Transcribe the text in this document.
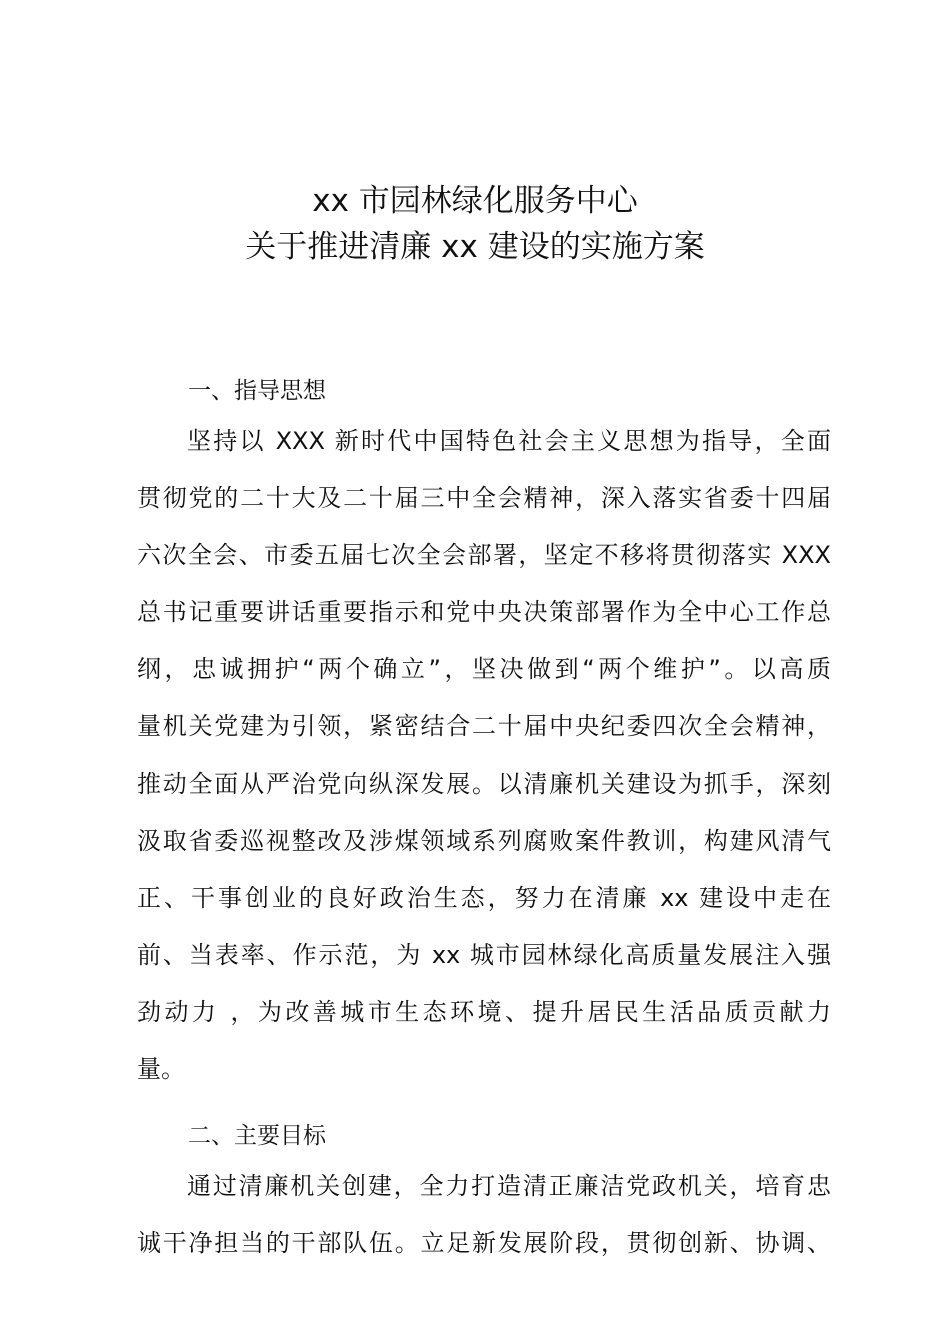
xx 市园林绿化服务中心
关于推进清廉 xx 建设的实施方案
一、指导思想
坚持以 XXX 新时代中国特色社会主义思想为指导，全面
贯彻党的二十大及二十届三中全会精神，深入落实省委十四届
六次全会、市委五届七次全会部署，坚定不移将贯彻落实 XXX
总书记重要讲话重要指示和党中央决策部署作为全中心工作总
纲，忠诚拥护“两个确立”，坚决做到“两个维护”。以高质
量机关党建为引领，紧密结合二十届中央纪委四次全会精神，
推动全面从严治党向纵深发展。以清廉机关建设为抓手，深刻
汲取省委巡视整改及涉煤领域系列腐败案件教训，构建风清气
正、干事创业的良好政治生态，努力在清廉 xx 建设中走在
前、当表率、作示范，为 xx 城市园林绿化高质量发展注入强
劲动力 ，为改善城市生态环境、提升居民生活品质贡献力
量。
二、主要目标
通过清廉机关创建，全力打造清正廉洁党政机关，培育忠
诚干净担当的干部队伍。立足新发展阶段，贯彻创新、协调、
